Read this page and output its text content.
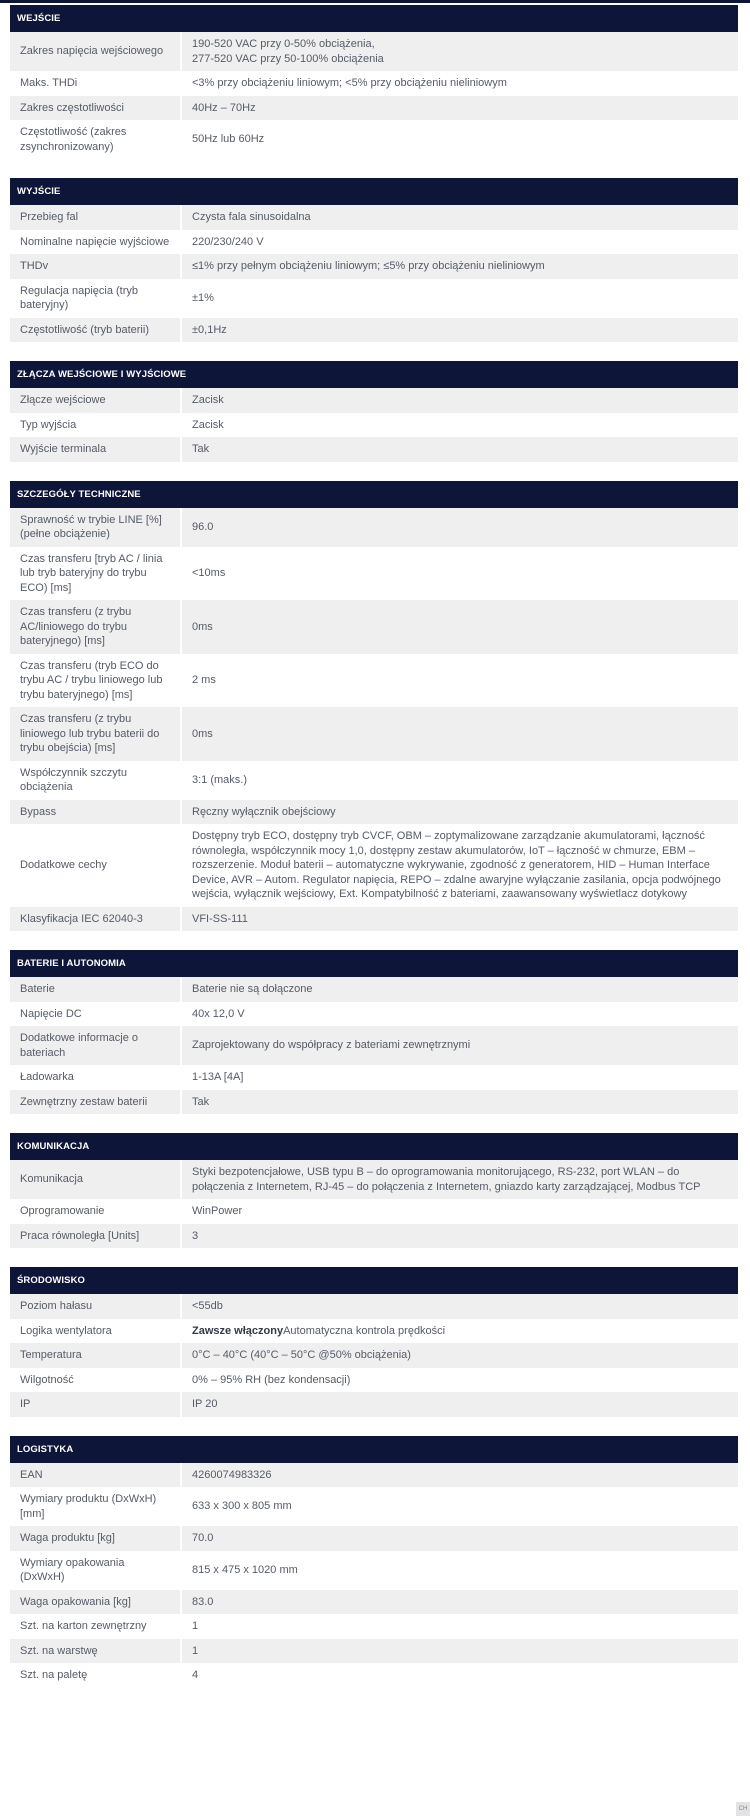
WEJŚCIE
Zakres napięcia wejściowego	190-520 VAC przy 0-50% obciążenia,
277-520 VAC przy 50-100% obciążenia
Maks. THDi	<3% przy obciążeniu liniowym; <5% przy obciążeniu nieliniowym
Zakres częstotliwości	40Hz – 70Hz
Częstotliwość (zakres zsynchronizowany)	50Hz lub 60Hz
WYJŚCIE
Przebieg fal	Czysta fala sinusoidalna
Nominalne napięcie wyjściowe	220/230/240 V
THDv	≤1% przy pełnym obciążeniu liniowym; ≤5% przy obciążeniu nieliniowym
Regulacja napięcia (tryb bateryjny)	±1%
Częstotliwość (tryb baterii)	±0,1Hz
ZŁĄCZA WEJŚCIOWE I WYJŚCIOWE
Złącze wejściowe	Zacisk
Typ wyjścia	Zacisk
Wyjście terminala	Tak
SZCZEGÓŁY TECHNICZNE
Sprawność w trybie LINE [%] (pełne obciążenie)	96.0
Czas transferu [tryb AC / linia lub tryb bateryjny do trybu ECO) [ms]	<10ms
Czas transferu (z trybu AC/liniowego do trybu bateryjnego) [ms]	0ms
Czas transferu (tryb ECO do trybu AC / trybu liniowego lub trybu bateryjnego) [ms]	2 ms
Czas transferu (z trybu liniowego lub trybu baterii do trybu obejścia) [ms]	0ms
Współczynnik szczytu obciążenia	3:1 (maks.)
Bypass	Ręczny wyłącznik obejściowy
Dodatkowe cechy	Dostępny tryb ECO, dostępny tryb CVCF, OBM – zoptymalizowane zarządzanie akumulatorami, łączność równoległa, współczynnik mocy 1,0, dostępny zestaw akumulatorów, IoT – łączność w chmurze, EBM – rozszerzenie. Moduł baterii – automatyczne wykrywanie, zgodność z generatorem, HID – Human Interface Device, AVR – Autom. Regulator napięcia, REPO – zdalne awaryjne wyłączanie zasilania, opcja podwójnego wejścia, wyłącznik wejściowy, Ext. Kompatybilność z bateriami, zaawansowany wyświetlacz dotykowy
Klasyfikacja IEC 62040-3	VFI-SS-111
BATERIE I AUTONOMIA
Baterie	Baterie nie są dołączone
Napięcie DC	40x 12,0 V
Dodatkowe informacje o bateriach	Zaprojektowany do współpracy z bateriami zewnętrznymi
Ładowarka	1-13A [4A]
Zewnętrzny zestaw baterii	Tak
KOMUNIKACJA
Komunikacja	Styki bezpotencjałowe, USB typu B – do oprogramowania monitorującego, RS-232, port WLAN – do połączenia z Internetem, RJ-45 – do połączenia z Internetem, gniazdo karty zarządzającej, Modbus TCP
Oprogramowanie	WinPower
Praca równoległa [Units]	3
ŚRODOWISKO
Poziom hałasu	<55db
Logika wentylatora	Zawsze włączonyAutomatyczna kontrola prędkości
Temperatura	0°C – 40°C (40°C – 50°C @50% obciążenia)
Wilgotność	0% – 95% RH (bez kondensacji)
IP	IP 20
LOGISTYKA
EAN	4260074983326
Wymiary produktu (DxWxH) [mm]	633 x 300 x 805 mm
Waga produktu [kg]	70.0
Wymiary opakowania (DxWxH)	815 x 475 x 1020 mm
Waga opakowania [kg]	83.0
Szt. na karton zewnętrzny	1
Szt. na warstwę	1
Szt. na paletę	4
CH
